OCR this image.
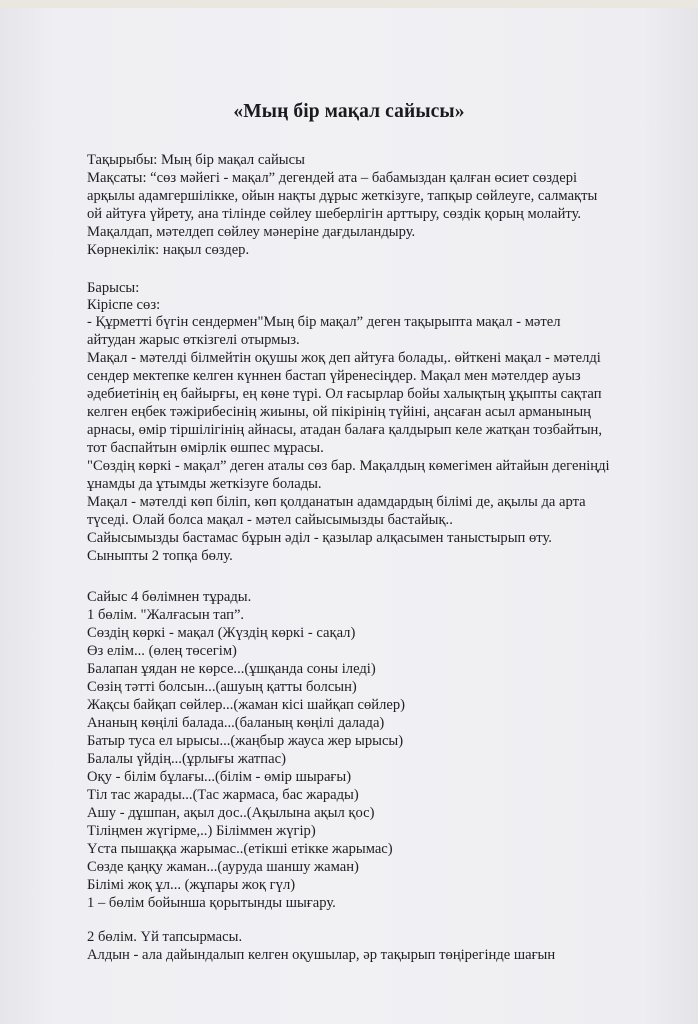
«Мың бір мақал сайысы»
Тақырыбы: Мың бір мақал сайысы
Мақсаты: “сөз мәйегі - мақал” дегендей ата – бабамыздан қалған өсиет сөздері
арқылы адамгершілікке, ойын нақты дұрыс жеткізуге, тапқыр сөйлеуге, салмақты
ой айтуға үйрету, ана тілінде сөйлеу шеберлігін арттыру, сөздік қорың молайту.
Мақалдап, мәтелдеп сөйлеу мәнеріне дағдыландыру.
Көрнекілік: нақыл сөздер.
Барысы:
Кіріспе сөз:
- Құрметті бүгін сендермен"Мың бір мақал” деген тақырыпта мақал - мәтел
айтудан жарыс өткізгелі отырмыз.
Мақал - мәтелді білмейтін оқушы жоқ деп айтуға болады,. өйткені мақал - мәтелді
сендер мектепке келген күннен бастап үйренесіңдер. Мақал мен мәтелдер ауыз
әдебиетінің ең байырғы, ең көне түрі. Ол ғасырлар бойы халықтың ұқыпты сақтап
келген еңбек тәжірибесінің жиыны, ой пікірінің түйіні, аңсаған асыл арманының
арнасы, өмір тіршілігінің айнасы, атадан балаға қалдырып келе жатқан тозбайтын,
тот баспайтын өмірлік өшпес мұрасы.
"Сөздің көркі - мақал” деген аталы сөз бар. Мақалдың көмегімен айтайын дегеніңді
ұнамды да ұтымды жеткізуге болады.
Мақал - мәтелді көп біліп, көп қолданатын адамдардың білімі де, ақылы да арта
түседі. Олай болса мақал - мәтел сайысымызды бастайық..
Сайысымызды бастамас бұрын әділ - қазылар алқасымен таныстырып өту.
Сыныпты 2 топқа бөлу.
Сайыс 4 бөлімнен тұрады.
1 бөлім. "Жалғасын тап”.
Сөздің көркі - мақал (Жүздің көркі - сақал)
Өз елім... (өлең төсегім)
Балапан ұядан не көрсе...(ұшқанда соны іледі)
Сөзің тәтті болсын...(ашуың қатты болсын)
Жақсы байқап сөйлер...(жаман кісі шайқап сөйлер)
Ананың көңілі балада...(баланың көңілі далада)
Батыр туса ел ырысы...(жаңбыр жауса жер ырысы)
Балалы үйдің...(ұрлығы жатпас)
Оқу - білім бұлағы...(білім - өмір шырағы)
Тіл тас жарады...(Тас жармаса, бас жарады)
Ашу - дұшпан, ақыл дос..(Ақылына ақыл қос)
Тіліңмен жүгірме,..) Біліммен жүгір)
Үста пышаққа жарымас..(етікші етікке жарымас)
Сөзде қаңқу жаман...(ауруда шаншу жаман)
Білімі жоқ ұл... (жұпары жоқ гүл)
1 – бөлім бойынша қорытынды шығару.
2 бөлім. Үй тапсырмасы.
Алдын - ала дайындалып келген оқушылар, әр тақырып төңірегінде шағын
